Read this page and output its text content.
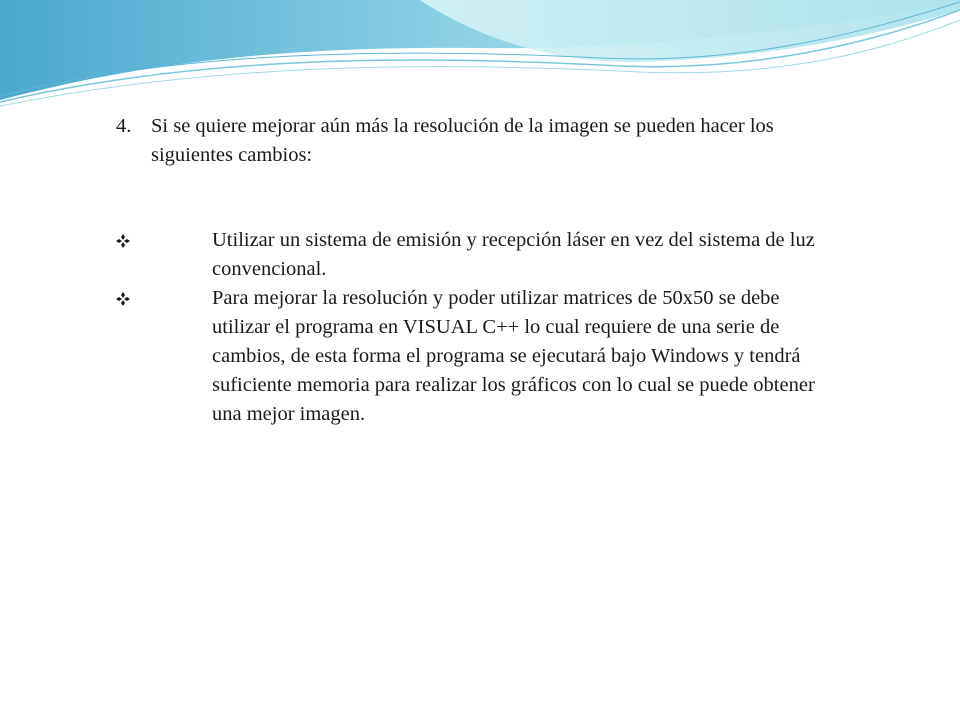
4. Si se quiere mejorar aún más la resolución de la imagen se pueden hacer los siguientes cambios:
Utilizar un sistema de emisión y recepción láser en vez del sistema de luz convencional.
Para mejorar la resolución y poder utilizar matrices de 50x50 se debe utilizar el programa en VISUAL C++ lo cual requiere de una serie de cambios, de esta forma el programa se ejecutará bajo Windows y tendrá suficiente memoria para realizar los gráficos con lo cual se puede obtener una mejor imagen.
